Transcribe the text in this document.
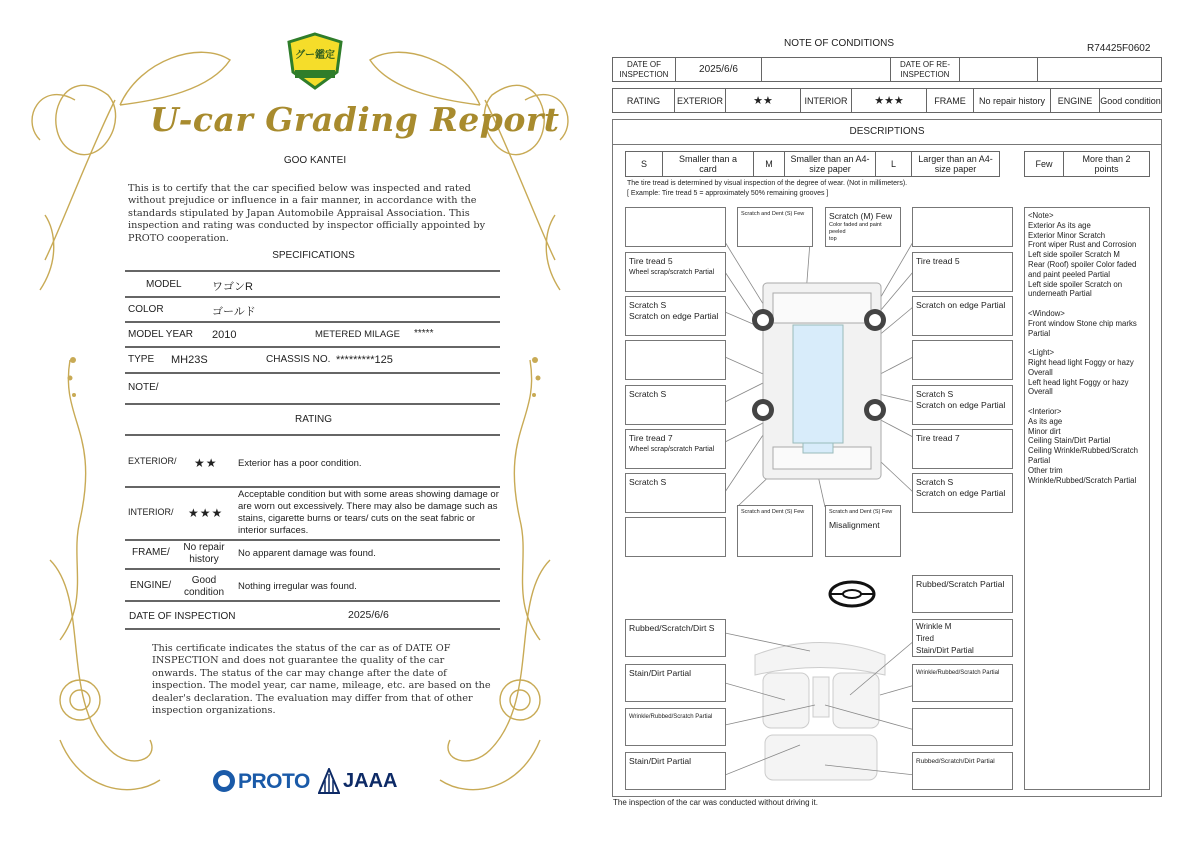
グー鑑定
U-car Grading Report
GOO KANTEI
This is to certify that the car specified below was inspected and rated without prejudice or influence in a fair manner, in accordance with the standards stipulated by Japan Automobile Appraisal Association. This inspection and rating was conducted by inspector officially appointed by PROTO cooperation.
SPECIFICATIONS
MODEL	ワゴンR
COLOR	ゴールド
MODEL YEAR 2010	METERED MILAGE *****
TYPE MH23S	CHASSIS NO. *********125
NOTE/
RATING
EXTERIOR/ ★★ Exterior has a poor condition.
INTERIOR/ ★★★
Acceptable condition but with some areas showing damage or are worn out excessively. There may also be damage such as stains, cigarette burns or tears/ cuts on the seat fabric or interior surfaces.
FRAME/	No repair history
No apparent damage was found.
ENGINE/	Good condition
Nothing irregular was found.
DATE OF INSPECTION	2025/6/6
This certificate indicates the status of the car as of DATE OF INSPECTION and does not guarantee the quality of the car onwards. The status of the car may change after the date of inspection. The model year, car name, mileage, etc. are based on the dealer's declaration. The evaluation may differ from that of other inspection organizations.
PROTO JAAA
NOTE OF CONDITIONS	R74425F0602
DATE OF INSPECTION	2025/6/6	DATE OF RE-INSPECTION
RATING	EXTERIOR	★★	INTERIOR	★★★	FRAME	No repair history	ENGINE Good condition
DESCRIPTIONS
S	Smaller than a card	M	Smaller than an A4-size paper	L	Larger than an A4-size paper	Few	More than 2 points
The tire tread is determined by visual inspection of the degree of wear. (Not in millimeters).
[ Example: Tire tread 5 = approximately 50% remaining grooves ]
Tire tread 5
Wheel scrap/scratch Partial
Scratch S
Scratch on edge Partial
Scratch S
Tire tread 7
Wheel scrap/scratch Partial
Scratch S
Scratch and Dent (S) Few	Scratch (M) Few
Color faded and paint peeled
top
Scratch and Dent (S) Few	Scratch and Dent (S) Few
Misalignment
Tire tread 5
Scratch on edge Partial
Scratch S
Scratch on edge Partial
Tire tread 7
Scratch S
Scratch on edge Partial
Rubbed/Scratch Partial
Rubbed/Scratch/Dirt S
Stain/Dirt Partial
Wrinkle/Rubbed/Scratch Partial
Stain/Dirt Partial
Wrinkle M
Tired
Stain/Dirt Partial
Wrinkle/Rubbed/Scratch Partial
Rubbed/Scratch/Dirt Partial
<Note>
Exterior As its age
Exterior Minor Scratch
Front wiper Rust and Corrosion
Left side spoiler Scratch M
Rear (Roof) spoiler Color faded and paint peeled Partial
Left side spoiler Scratch on underneath Partial
<Window>
Front window Stone chip marks Partial
<Light>
Right head light Foggy or hazy Overall
Left head light Foggy or hazy Overall
<Interior>
As its age
Minor dirt
Ceiling Stain/Dirt Partial
Ceiling Wrinkle/Rubbed/Scratch Partial
Other trim Wrinkle/Rubbed/Scratch Partial
The inspection of the car was conducted without driving it.
